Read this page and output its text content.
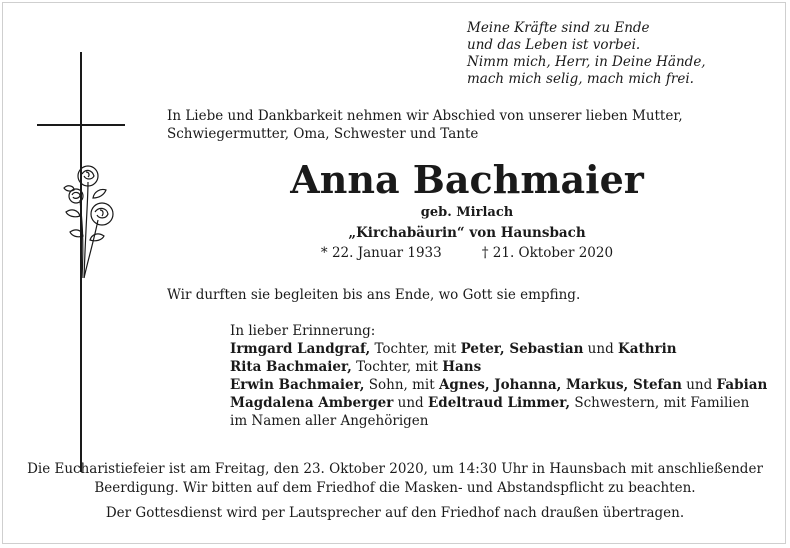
Meine Kräfte sind zu Ende
und das Leben ist vorbei.
Nimm mich, Herr, in Deine Hände,
mach mich selig, mach mich frei.
In Liebe und Dankbarkeit nehmen wir Abschied von unserer lieben Mutter,
Schwiegermutter, Oma, Schwester und Tante
Anna Bachmaier
geb. Mirlach
„Kirchabäurin“ von Haunsbach
* 22. Januar 1933	† 21. Oktober 2020
Wir durften sie begleiten bis ans Ende, wo Gott sie empfing.
In lieber Erinnerung:
Irmgard Landgraf, Tochter, mit Peter, Sebastian und Kathrin
Rita Bachmaier, Tochter, mit Hans
Erwin Bachmaier, Sohn, mit Agnes, Johanna, Markus, Stefan und Fabian
Magdalena Amberger und Edeltraud Limmer, Schwestern, mit Familien
im Namen aller Angehörigen
Die Eucharistiefeier ist am Freitag, den 23. Oktober 2020, um 14:30 Uhr in Haunsbach mit anschließender
Beerdigung. Wir bitten auf dem Friedhof die Masken- und Abstandspflicht zu beachten.
Der Gottesdienst wird per Lautsprecher auf den Friedhof nach draußen übertragen.
